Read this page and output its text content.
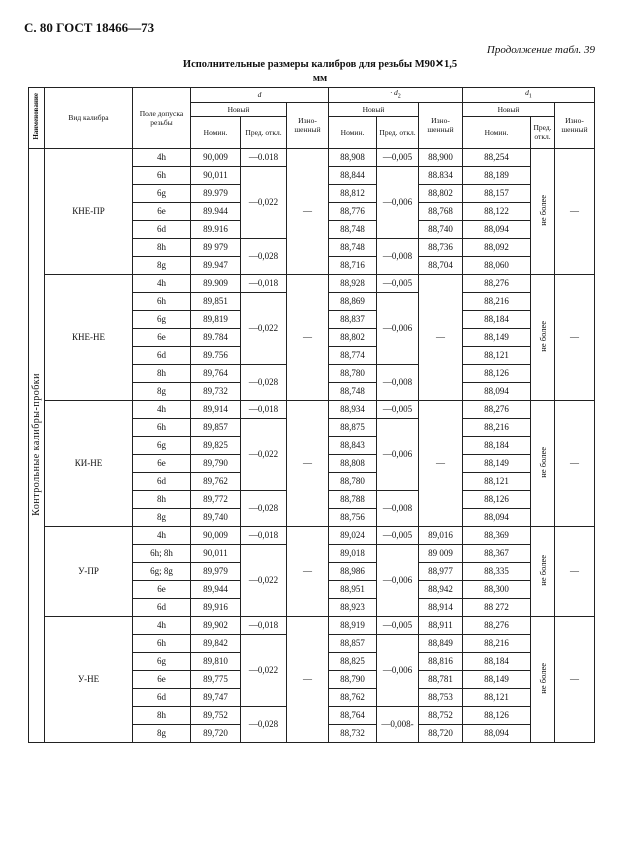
С. 80 ГОСТ 18466—73
Продолжение табл. 39
Исполнительные размеры калибров для резьбы М90✕1,5
мм
Наименование	Вид калибра	Поле допуска резьбы	d			· $d_2$			$d_1$
			Новый		Изно- шенный	Новый		Изно- шенный	Новый		Изно- шенный
			Номин.	Пред. откл.		Номин.	Пред. откл.		Номин.	Пред. откл.	
Контрольные калибры-пробки	КНЕ-ПР	4h	90,009	—0.018	—	88,908	—0,005	88,900	88,254	не более	—
		6h	90,011	—0,022		88,844	—0,006	88.834	88,189		
		6g	89.979			88,812		88,802	88,157		
		6e	89.944			88,776		88,768	88,122		
		6d	89.916			88,748		88,740	88,094		
		8h	89 979	—0,028		88,748	—0,008	88,736	88,092		
		8g	89.947			88,716		88,704	88,060		
	КНЕ-НЕ	4h	89.909	—0,018	—	88,928	—0,005	—	88,276	не более	—
		6h	89,851	—0,022		88,869	—0,006		88,216		
		6g	89,819			88,837			88,184		
		6e	89.784			88,802			88,149		
		6d	89.756			88,774			88,121		
		8h	89,764	—0,028		88,780	—0,008		88,126		
		8g	89,732			88,748			88,094		
	КИ-НЕ	4h	89,914	—0,018	—	88,934	—0,005	—	88,276	не более	—
		6h	89,857	—0,022		88,875	—0,006		88,216		
		6g	89,825			88,843			88,184		
		6e	89,790			88,808			88,149		
		6d	89,762			88,780			88,121		
		8h	89,772	—0,028		88,788	—0,008		88,126		
		8g	89,740			88,756			88,094		
	У-ПР	4h	90,009	—0,018	—	89,024	—0,005	89,016	88,369	не более	—
		6h; 8h	90,011	—0,022		89,018	—0,006	89 009	88,367		
		6g; 8g	89,979			88,986		88,977	88,335		
		6e	89,944			88,951		88,942	88,300		
		6d	89,916			88,923		88,914	88 272		
	У-НЕ	4h	89,902	—0,018	—	88,919	—0,005	88,911	88,276	не более	—
		6h	89,842	—0,022		88,857	—0,006	88,849	88,216		
		6g	89,810			88,825		88,816	88,184		
		6e	89,775			88,790		88,781	88,149		
		6d	89,747			88,762		88,753	88,121		
		8h	89,752	—0,028		88,764	—0,008-	88,752	88,126		
		8g	89,720			88,732		88,720	88,094		
